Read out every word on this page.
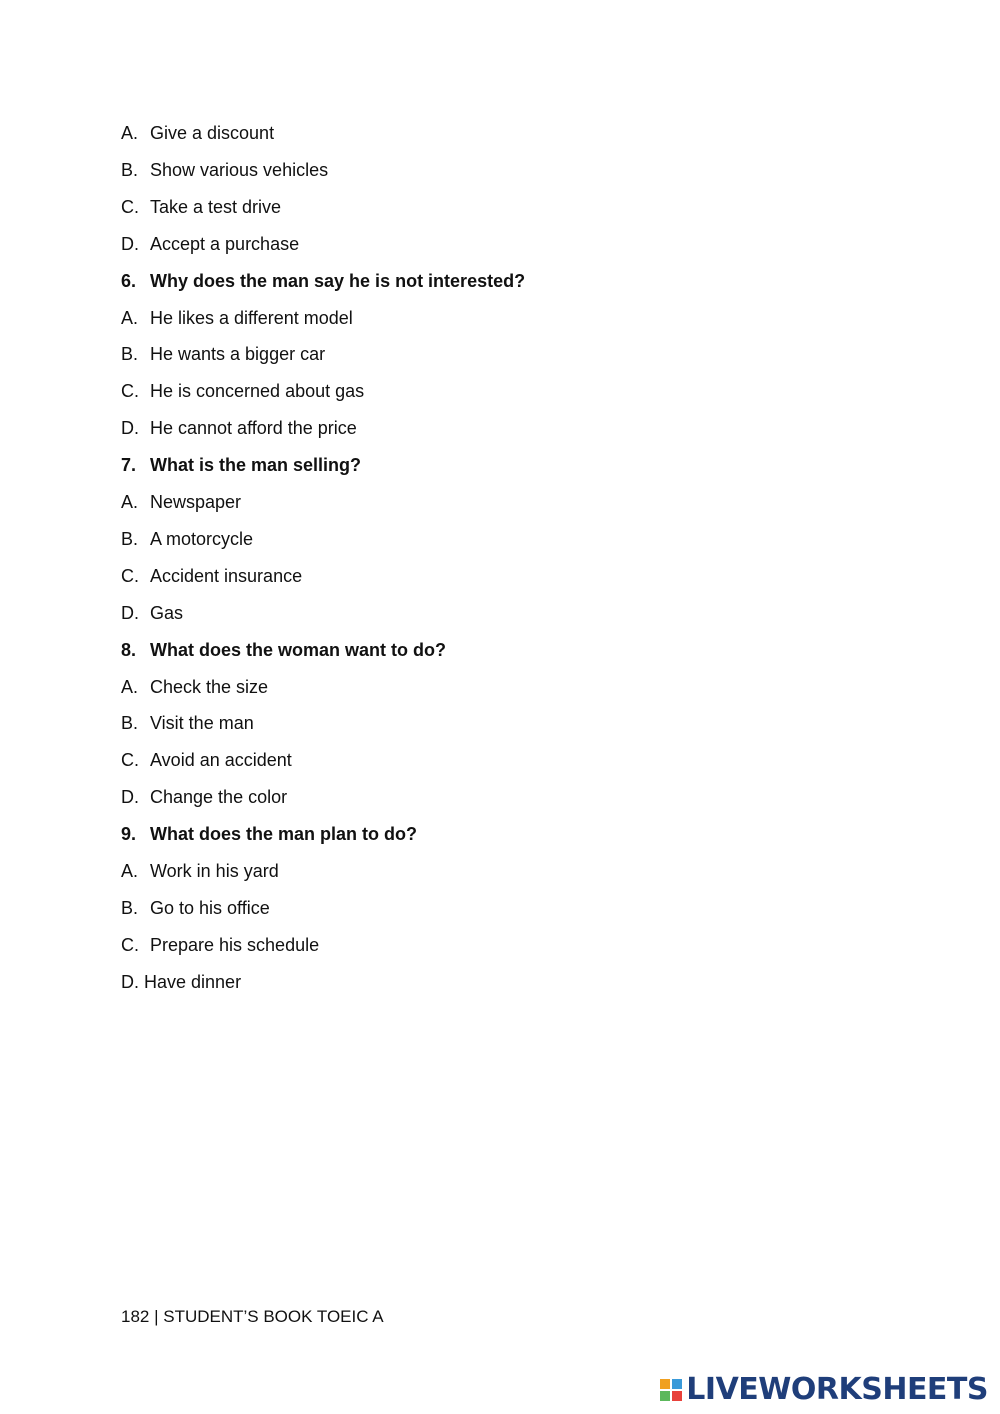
A. Give a discount
B. Show various vehicles
C. Take a test drive
D. Accept a purchase
6. Why does the man say he is not interested?
A. He likes a different model
B. He wants a bigger car
C. He is concerned about gas
D. He cannot afford the price
7. What is the man selling?
A. Newspaper
B. A motorcycle
C. Accident insurance
D. Gas
8. What does the woman want to do?
A. Check the size
B. Visit the man
C. Avoid an accident
D. Change the color
9. What does the man plan to do?
A. Work in his yard
B. Go to his office
C. Prepare his schedule
D. Have dinner
182 | STUDENT’S BOOK TOEIC A
LIVEWORKSHEETS
